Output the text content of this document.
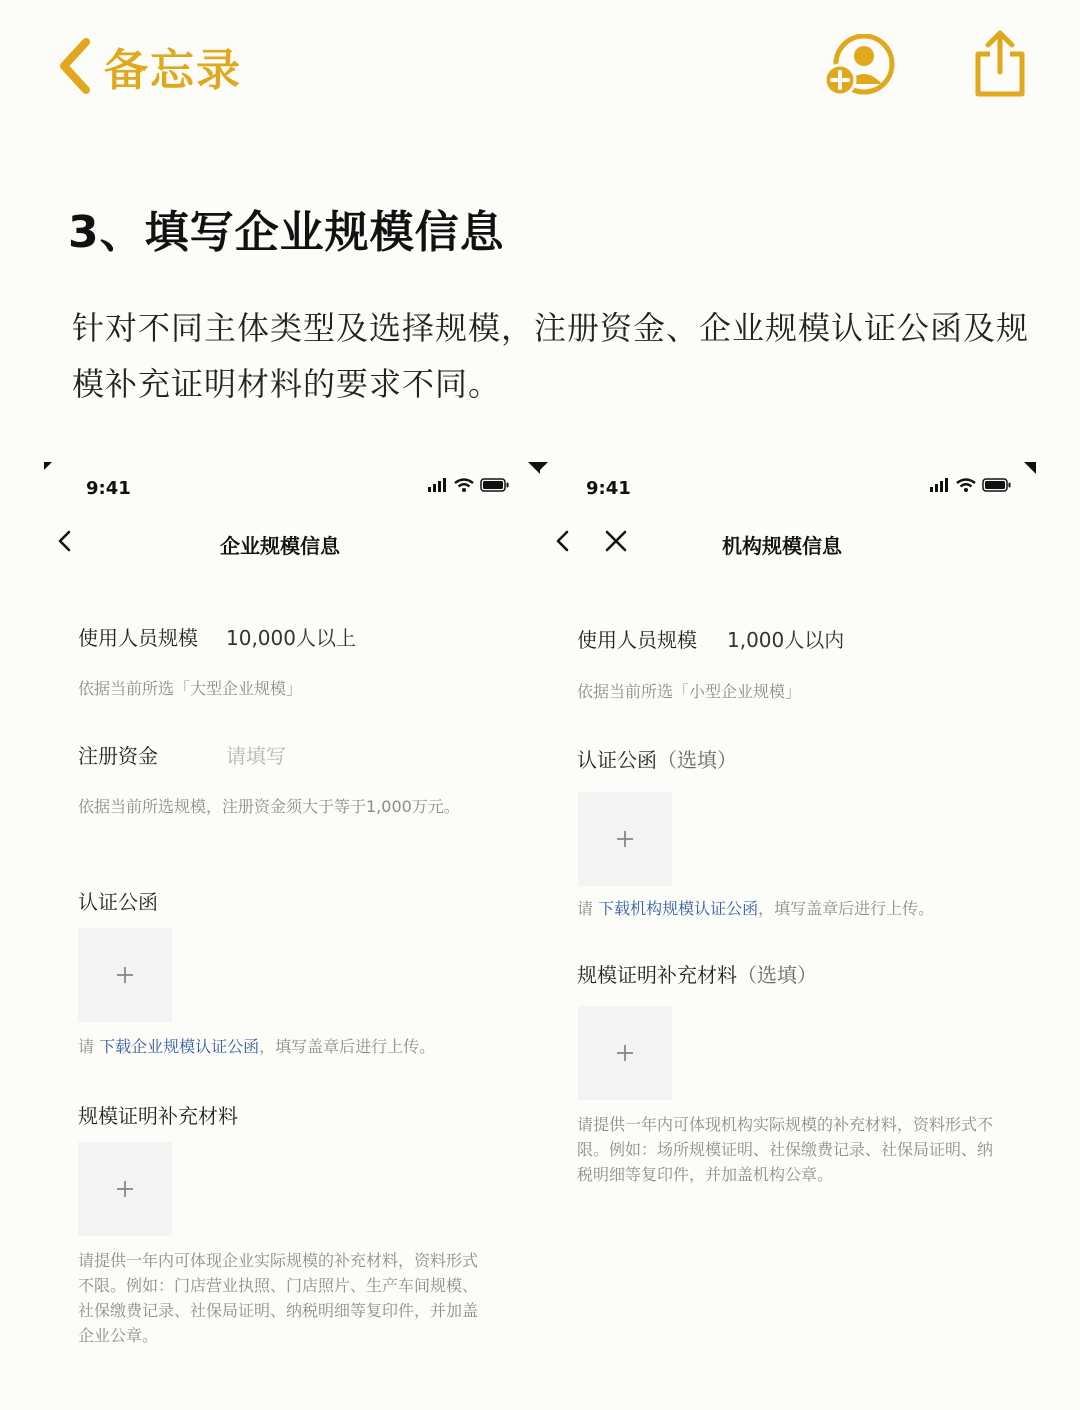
备忘录
3、填写企业规模信息

针对不同主体类型及选择规模，注册资金、企业规模认证公函及规模补充证明材料的要求不同。

9:41
企业规模信息
使用人员规模 10,000人以上
依据当前所选「大型企业规模」
注册资金	请填写
依据当前所选规模，注册资金须大于等于1,000万元。
认证公函
请 下载企业规模认证公函，填写盖章后进行上传。
规模证明补充材料
请提供一年内可体现企业实际规模的补充材料，资料形式不限。例如：门店营业执照、门店照片、生产车间规模、社保缴费记录、社保局证明、纳税明细等复印件，并加盖企业公章。
9:41
机构规模信息
使用人员规模 1,000人以内
依据当前所选「小型企业规模」
认证公函（选填）
请 下载机构规模认证公函，填写盖章后进行上传。
规模证明补充材料（选填）
请提供一年内可体现机构实际规模的补充材料，资料形式不限。例如：场所规模证明、社保缴费记录、社保局证明、纳税明细等复印件，并加盖机构公章。
